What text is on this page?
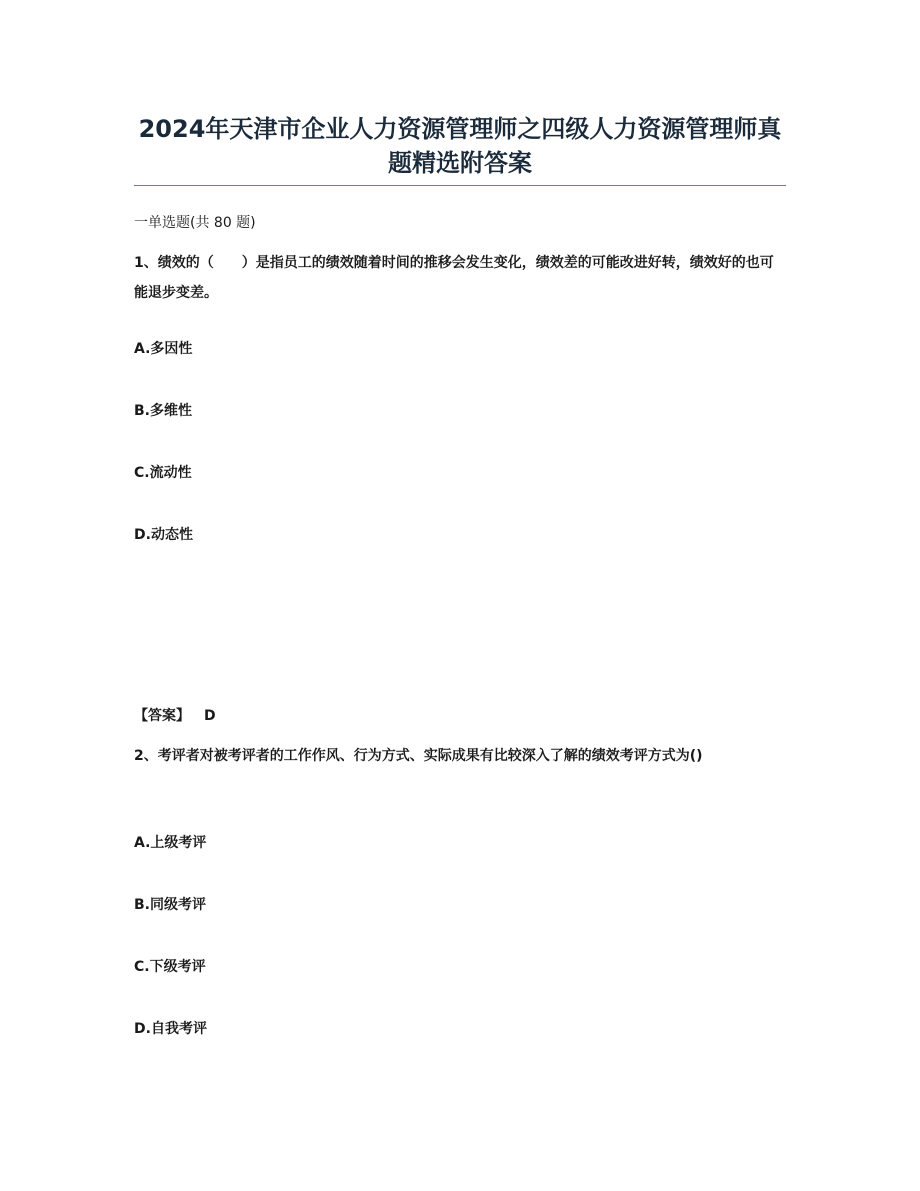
2024年天津市企业人力资源管理师之四级人力资源管理师真题精选附答案
一单选题(共 80 题)
1、绩效的（　　）是指员工的绩效随着时间的推移会发生变化，绩效差的可能改进好转，绩效好的也可能退步变差。
A.多因性
B.多维性
C.流动性
D.动态性
【答案】 D
2、考评者对被考评者的工作作风、行为方式、实际成果有比较深入了解的绩效考评方式为()
A.上级考评
B.同级考评
C.下级考评
D.自我考评
